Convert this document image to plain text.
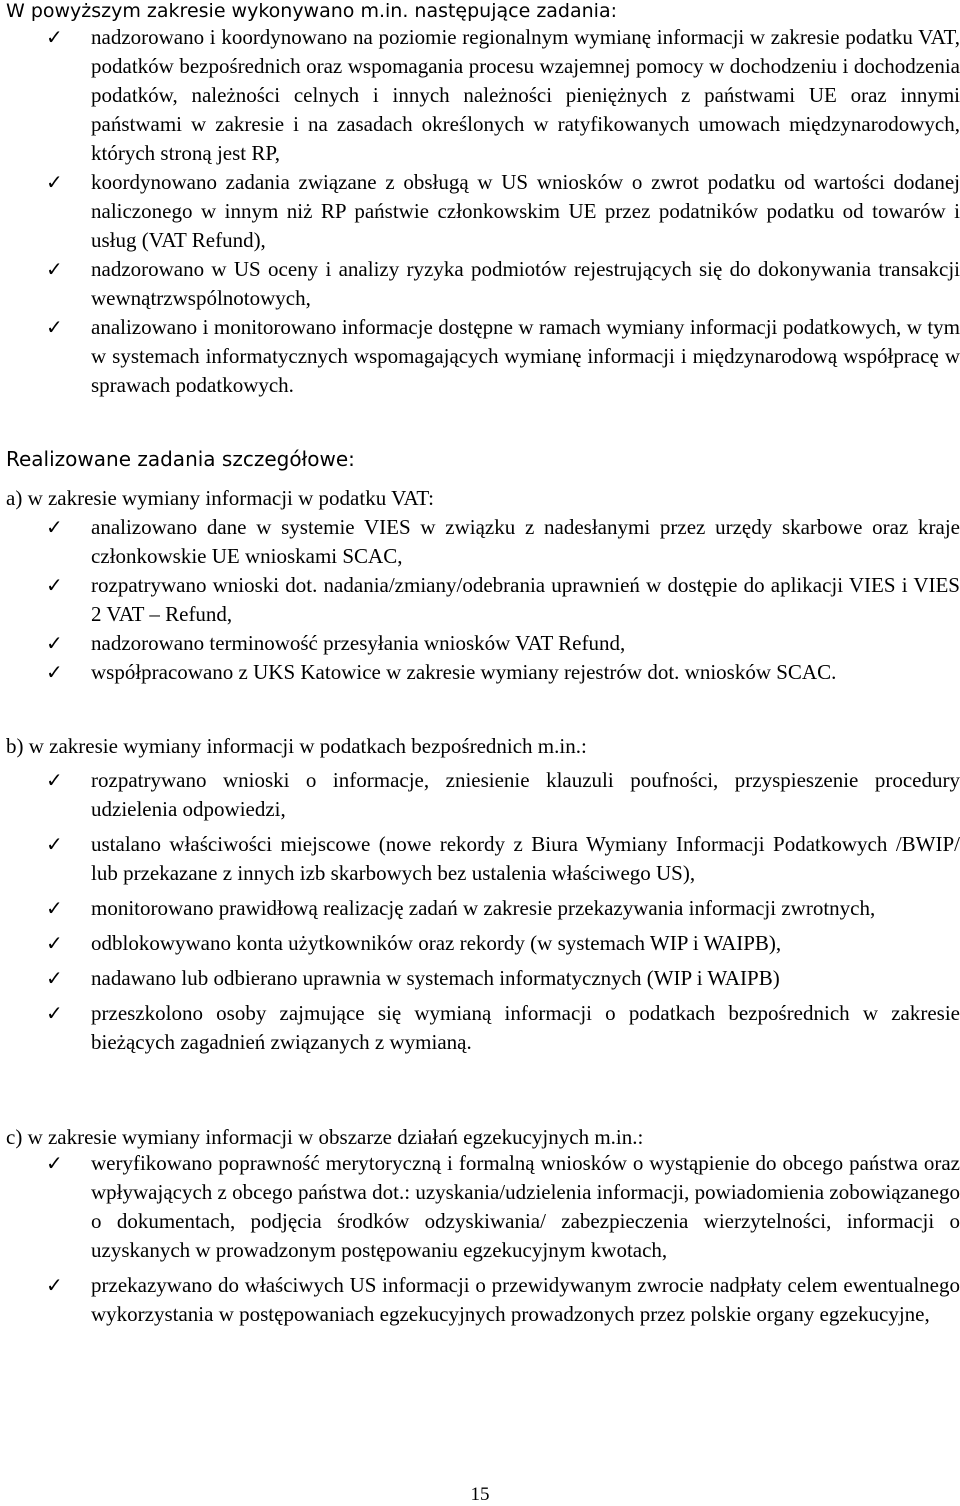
W powyższym zakresie wykonywano m.in. następujące zadania:
✓	nadzorowano i koordynowano na poziomie regionalnym wymianę informacji w zakresie podatku VAT, podatków bezpośrednich oraz wspomagania procesu wzajemnej pomocy w dochodzeniu i dochodzenia podatków, należności celnych i innych należności pieniężnych z państwami UE oraz innymi państwami w zakresie i na zasadach określonych w ratyfikowanych umowach międzynarodowych, których stroną jest RP,
✓	koordynowano zadania związane z obsługą w US wniosków o zwrot podatku od wartości dodanej naliczonego w innym niż RP państwie członkowskim UE przez podatników podatku od towarów i usług (VAT Refund),
✓	nadzorowano w US oceny i analizy ryzyka podmiotów rejestrujących się do dokonywania transakcji wewnątrzwspólnotowych,
✓	analizowano i monitorowano informacje dostępne w ramach wymiany informacji podatkowych, w tym w systemach informatycznych wspomagających wymianę informacji i międzynarodową współpracę w sprawach podatkowych.
Realizowane zadania szczegółowe:
a) w zakresie wymiany informacji w podatku VAT:
✓	analizowano dane w systemie VIES w związku z nadesłanymi przez urzędy skarbowe oraz kraje członkowskie UE wnioskami SCAC,
✓	rozpatrywano wnioski dot. nadania/zmiany/odebrania uprawnień w dostępie do aplikacji VIES i VIES 2 VAT – Refund,
✓	nadzorowano terminowość przesyłania wniosków VAT Refund,
✓	współpracowano z UKS Katowice w zakresie wymiany rejestrów dot. wniosków SCAC.
b) w zakresie wymiany informacji w podatkach bezpośrednich m.in.:
✓	rozpatrywano wnioski o informacje, zniesienie klauzuli poufności, przyspieszenie procedury udzielenia odpowiedzi,
✓	ustalano właściwości miejscowe (nowe rekordy z Biura Wymiany Informacji Podatkowych /BWIP/ lub przekazane z innych izb skarbowych bez ustalenia właściwego US),
✓	monitorowano prawidłową realizację zadań w zakresie przekazywania informacji zwrotnych,
✓	odblokowywano konta użytkowników oraz rekordy (w systemach WIP i WAIPB),
✓	nadawano lub odbierano uprawnia w systemach informatycznych (WIP i WAIPB)
✓	przeszkolono osoby zajmujące się wymianą informacji o podatkach bezpośrednich w zakresie bieżących zagadnień związanych z wymianą.
c) w zakresie wymiany informacji w obszarze działań egzekucyjnych m.in.:
✓	weryfikowano poprawność merytoryczną i formalną wniosków o wystąpienie do obcego państwa oraz wpływających z obcego państwa dot.: uzyskania/udzielenia informacji, powiadomienia zobowiązanego o dokumentach, podjęcia środków odzyskiwania/ zabezpieczenia wierzytelności, informacji o uzyskanych w prowadzonym postępowaniu egzekucyjnym kwotach,
✓	przekazywano do właściwych US informacji o przewidywanym zwrocie nadpłaty celem ewentualnego wykorzystania w postępowaniach egzekucyjnych prowadzonych przez polskie organy egzekucyjne,
15
